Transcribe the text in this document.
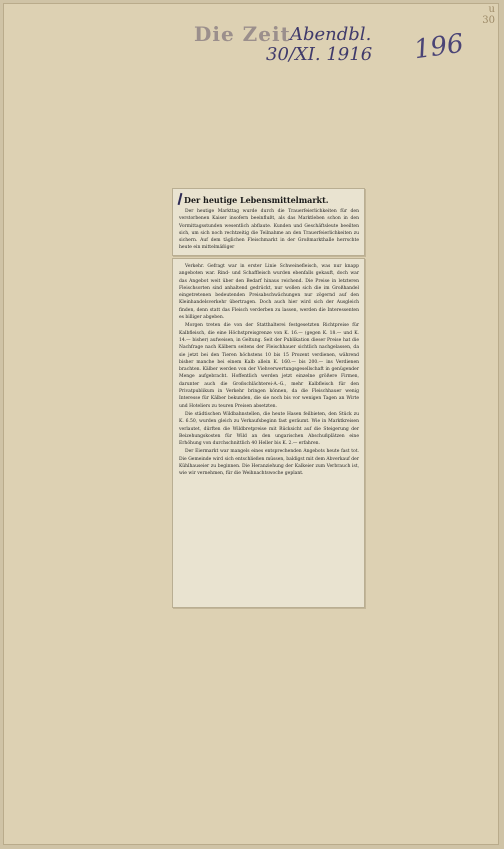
u
30
Die Zeit Abendbl.
30/XI. 1916 196
Der heutige Lebensmittelmarkt.

Der heutige Markttag wurde durch die Trauerfeierlichkeiten für den verstorbenen Kaiser insofern beeinflußt, als das Marktleben schon in den Vormittagsstunden wesentlich abflaute. Kunden und Geschäftsleute beeilten sich, um sich noch rechtzeitig die Teilnahme an den Trauerfeierlichkeiten zu sichern. Auf dem täglichen Fleischmarkt in der Großmarkthalle herrschte heute ein mittelmäßiger

Verkehr. Gefragt war in erster Linie Schweinefleisch, was nur knapp angeboten war. Rind- und Schaffleisch wurden ebenfalls gekauft, doch war das Angebot weit über den Bedarf hinaus reichend. Die Preise in letzteren Fleischsorten sind anhaltend gedrückt, nur wollen sich die im Großhandel eingetretenen bedeutenden Preisabschwächungen nur zögernd auf den Kleinhandelsverkehr übertragen. Doch auch hier wird sich der Ausgleich finden, denn statt das Fleisch verderben zu lassen, werden die Interessenten es billiger abgeben.

Morgen treten die von der Statthalterei festgesetzten Richtpreise für Kalbfleisch, die eine Höchstpreisgrenze von K. 16.— (gegen K. 18.— und K. 14.— bisher) aufweisen, in Geltung. Seit der Publikation dieser Preise hat die Nachfrage nach Kälbern seitens der Fleischhauer sichtlich nachgelassen, da sie jetzt bei den Tieren höchstens 10 bis 15 Prozent verdienen, während bisher manche bei einem Kalb allein K. 160.— bis 200.— ins Verdienen brachten. Kälber werden von der Viehverwertungsgesellschaft in genügender Menge aufgebracht. Hoffentlich werden jetzt einzelne größere Firmen, darunter auch die Großschlächterei-A.-G., mehr Kalbfleisch für den Privatpublikum in Verkehr bringen können, da die Fleischhauer wenig Interesse für Kälber bekunden, die sie noch bis vor wenigen Tagen an Wirte und Hoteliers zu teuren Preisen absetzten.

Die städtischen Wildbahnstellen, die heute Hasen feilbieten, den Stück zu K. 6.50, wurden gleich zu Verkaufsbeginn fast geräumt. Wie in Marktkreisen verlautet, dürften die Wildbretpreise mit Rücksicht auf die Steigerung der Beizehungskosten für Wild an den ungarischen Abschußplätzen eine Erhöhung von durchschnittlich 40 Heller bis K. 2.— erfahren.

Der Eiermarkt war mangels eines entsprechenden Angebots heute fast tot. Die Gemeinde wird sich entschließen müssen, baldigst mit dem Abverkauf der Kühlhauseier zu beginnen. Die Heranziehung der Kalkeier zum Verbrauch ist, wie wir vernehmen, für die Weihnachtswoche geplant.
